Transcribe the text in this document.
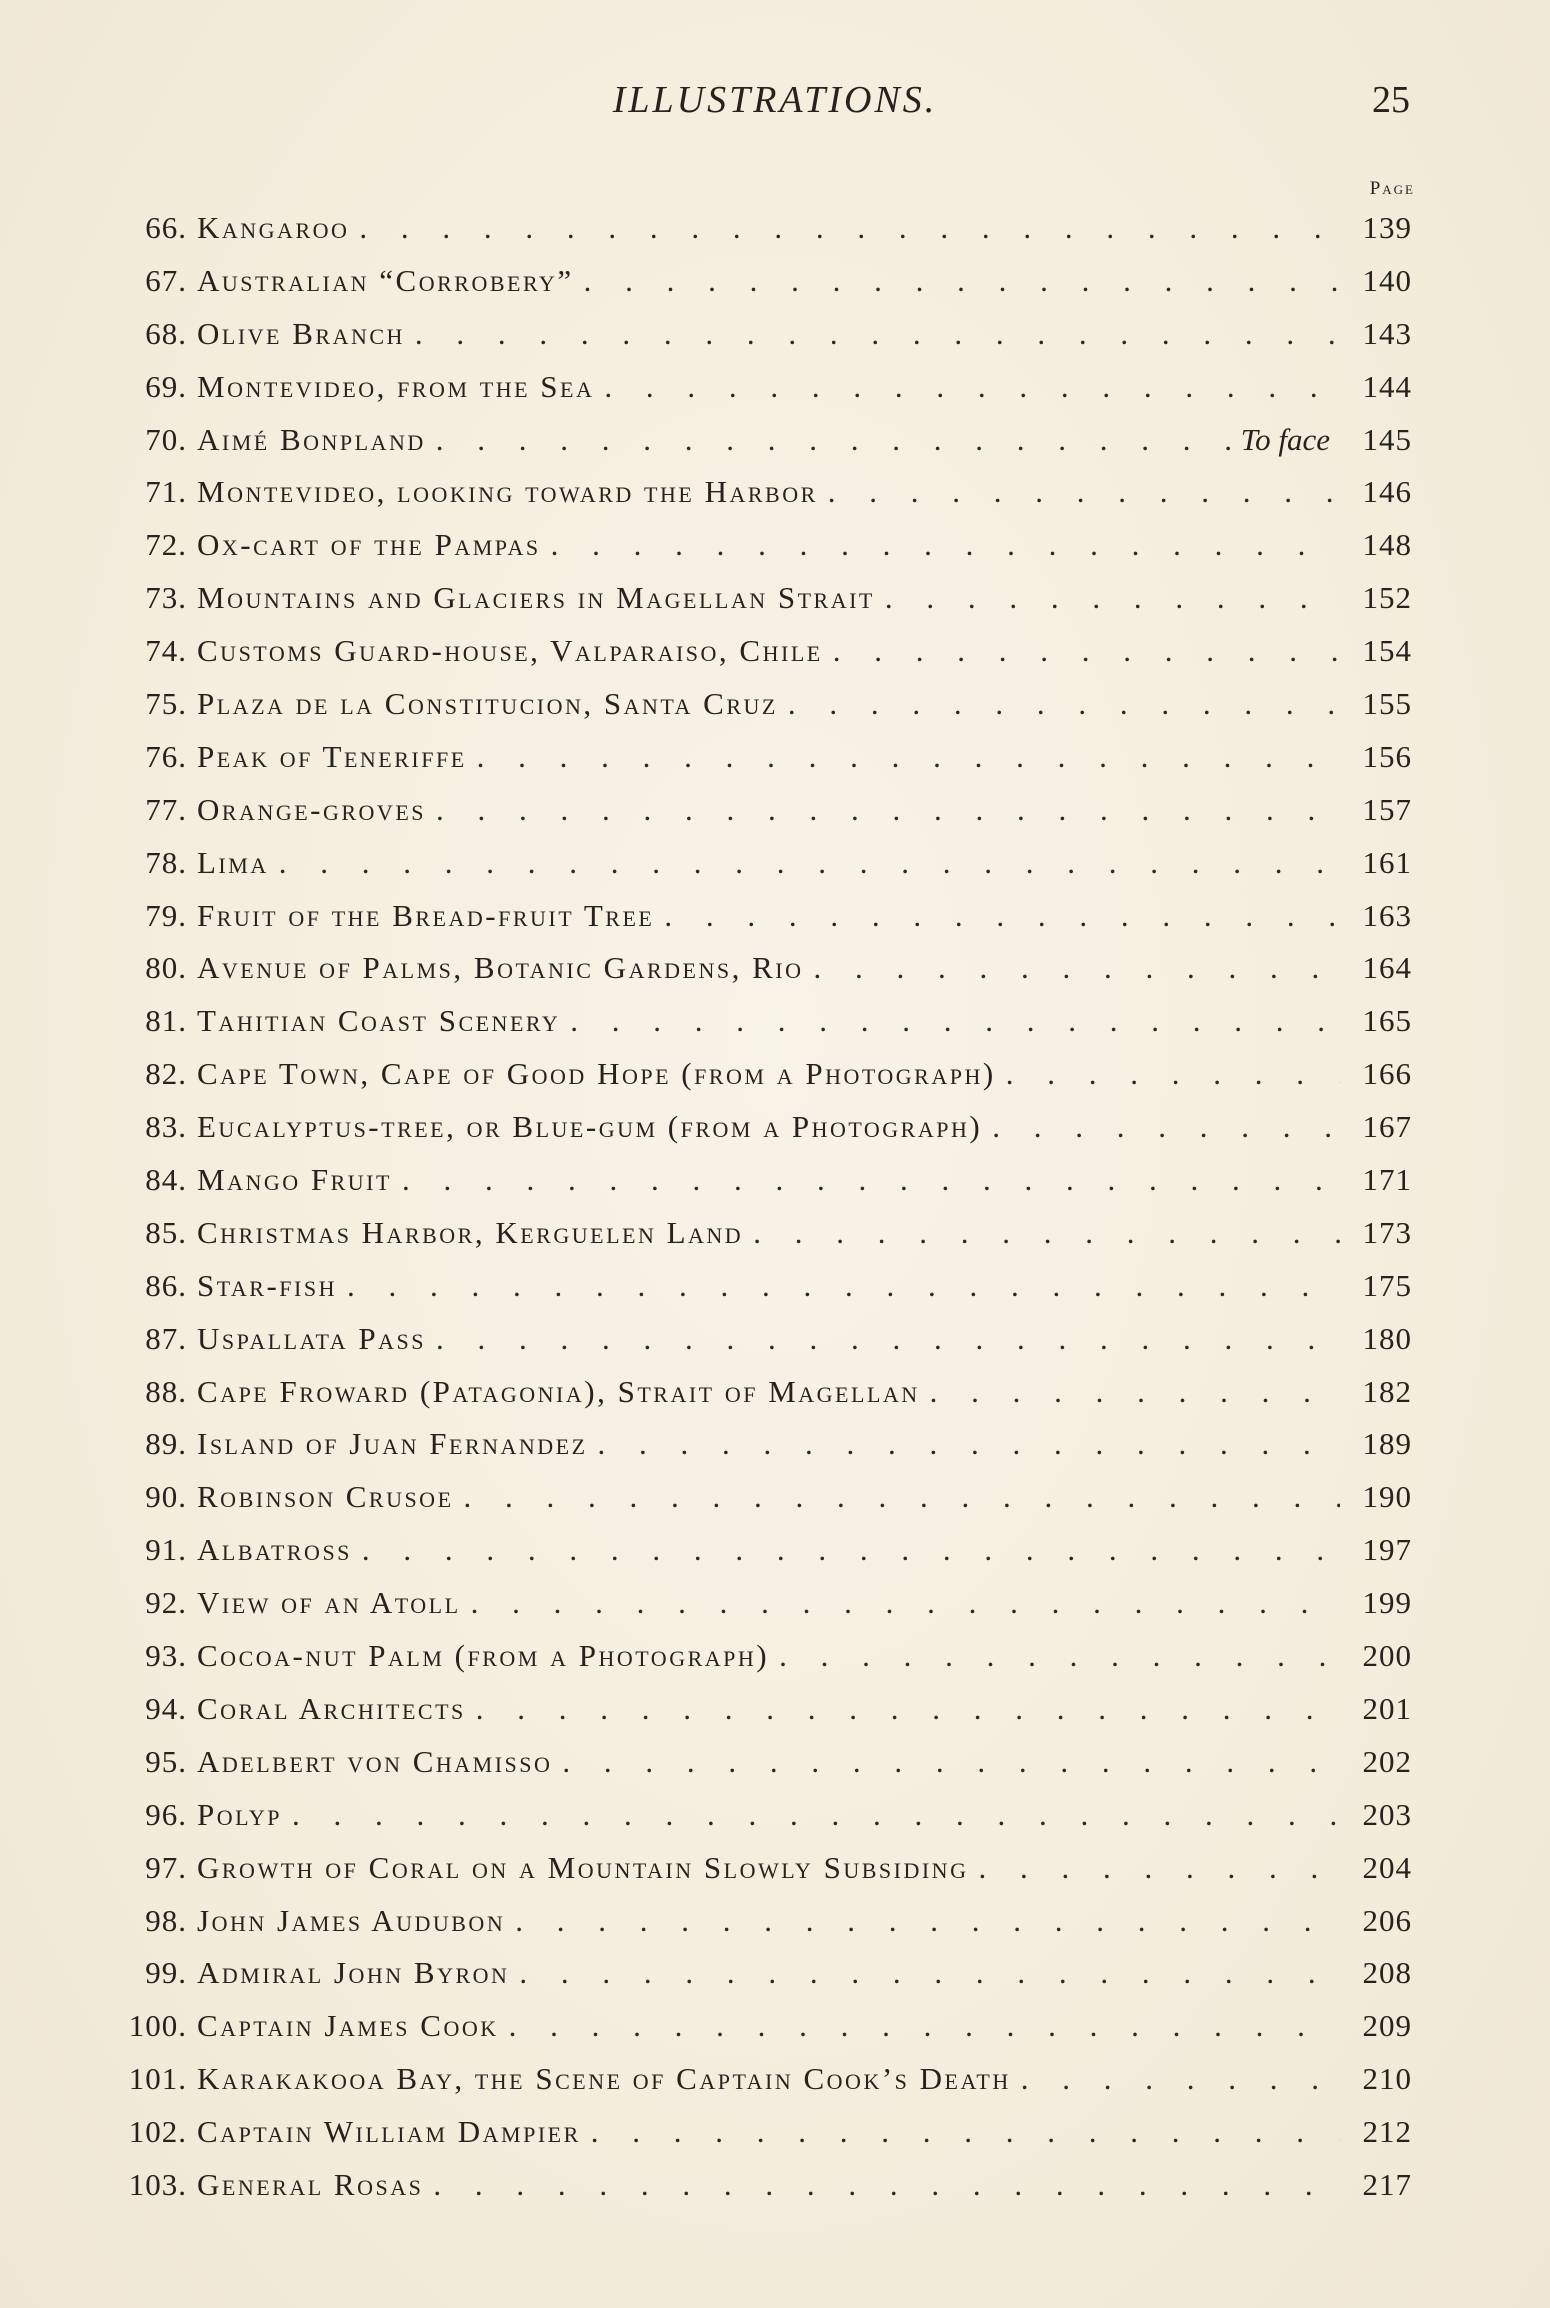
ILLUSTRATIONS.	25
Page
66. Kangaroo . . .	139
67. Australian “Corrobery” . . .	140
68. Olive Branch . . .	143
69. Montevideo, from the Sea . . .	144
70. Aimé Bonpland . . .	To face	145
71. Montevideo, looking toward the Harbor . . .	146
72. Ox-cart of the Pampas . . .	148
73. Mountains and Glaciers in Magellan Strait . . .	152
74. Customs Guard-house, Valparaiso, Chile . . .	154
75. Plaza de la Constitucion, Santa Cruz . . .	155
76. Peak of Teneriffe . . .	156
77. Orange-groves . . .	157
78. Lima . . .	161
79. Fruit of the Bread-fruit Tree . . .	163
80. Avenue of Palms, Botanic Gardens, Rio . . .	164
81. Tahitian Coast Scenery . . .	165
82. Cape Town, Cape of Good Hope (from a Photograph) . . .	166
83. Eucalyptus-tree, or Blue-gum (from a Photograph) . . .	167
84. Mango Fruit . . .	171
85. Christmas Harbor, Kerguelen Land . . .	173
86. Star-fish . . .	175
87. Uspallata Pass . . .	180
88. Cape Froward (Patagonia), Strait of Magellan . . .	182
89. Island of Juan Fernandez . . .	189
90. Robinson Crusoe . . .	190
91. Albatross . . .	197
92. View of an Atoll . . .	199
93. Cocoa-nut Palm (from a Photograph) . . .	200
94. Coral Architects . . .	201
95. Adelbert von Chamisso . . .	202
96. Polyp . . .	203
97. Growth of Coral on a Mountain Slowly Subsiding . . .	204
98. John James Audubon . . .	206
99. Admiral John Byron . . .	208
100. Captain James Cook . . .	209
101. Karakakooa Bay, the Scene of Captain Cook’s Death . . .	210
102. Captain William Dampier . . .	212
103. General Rosas . . .	217
